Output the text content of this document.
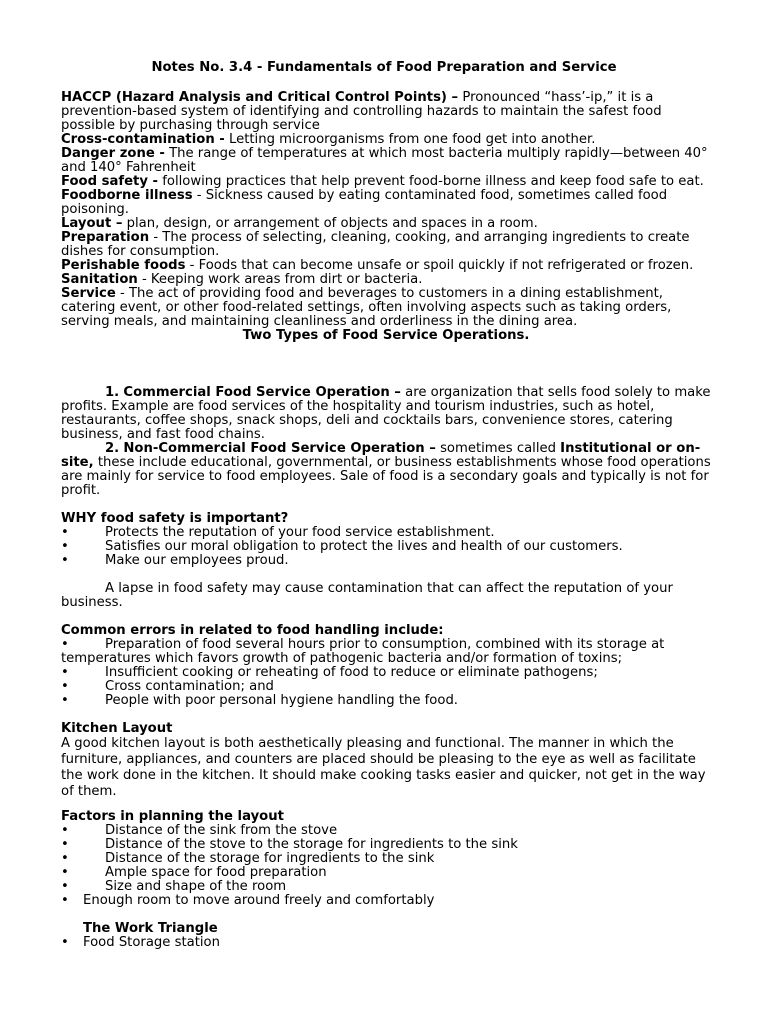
Notes No. 3.4 - Fundamentals of Food Preparation and Service

HACCP (Hazard Analysis and Critical Control Points) – Pronounced “hass’-ip,” it is a prevention-based system of identifying and controlling hazards to maintain the safest food possible by purchasing through service

Cross-contamination - Letting microorganisms from one food get into another.

Danger zone - The range of temperatures at which most bacteria multiply rapidly—between 40° and 140° Fahrenheit

Food safety - following practices that help prevent food-borne illness and keep food safe to eat.

Foodborne illness - Sickness caused by eating contaminated food, sometimes called food poisoning.

Layout – plan, design, or arrangement of objects and spaces in a room.

Preparation - The process of selecting, cleaning, cooking, and arranging ingredients to create dishes for consumption.

Perishable foods - Foods that can become unsafe or spoil quickly if not refrigerated or frozen.

Sanitation - Keeping work areas from dirt or bacteria.

Service - The act of providing food and beverages to customers in a dining establishment, catering event, or other food-related settings, often involving aspects such as taking orders, serving meals, and maintaining cleanliness and orderliness in the dining area.

Two Types of Food Service Operations.

1. Commercial Food Service Operation – are organization that sells food solely to make profits. Example are food services of the hospitality and tourism industries, such as hotel, restaurants, coffee shops, snack shops, deli and cocktails bars, convenience stores, catering business, and fast food chains.

2. Non-Commercial Food Service Operation – sometimes called Institutional or on-site, these include educational, governmental, or business establishments whose food operations are mainly for service to food employees. Sale of food is a secondary goals and typically is not for profit.

WHY food safety is important?

•	Protects the reputation of your food service establishment.

•	Satisfies our moral obligation to protect the lives and health of our customers.

•	Make our employees proud.

A lapse in food safety may cause contamination that can affect the reputation of your business.

Common errors in related to food handling include:

•	Preparation of food several hours prior to consumption, combined with its storage at temperatures which favors growth of pathogenic bacteria and/or formation of toxins;

•	Insufficient cooking or reheating of food to reduce or eliminate pathogens;

•	Cross contamination; and

•	People with poor personal hygiene handling the food.

Kitchen Layout

A good kitchen layout is both aesthetically pleasing and functional. The manner in which the furniture, appliances, and counters are placed should be pleasing to the eye as well as facilitate the work done in the kitchen. It should make cooking tasks easier and quicker, not get in the way of them.

Factors in planning the layout

•	Distance of the sink from the stove

•	Distance of the stove to the storage for ingredients to the sink

•	Distance of the storage for ingredients to the sink

•	Ample space for food preparation

•	Size and shape of the room

• Enough room to move around freely and comfortably

The Work Triangle

• Food Storage station
